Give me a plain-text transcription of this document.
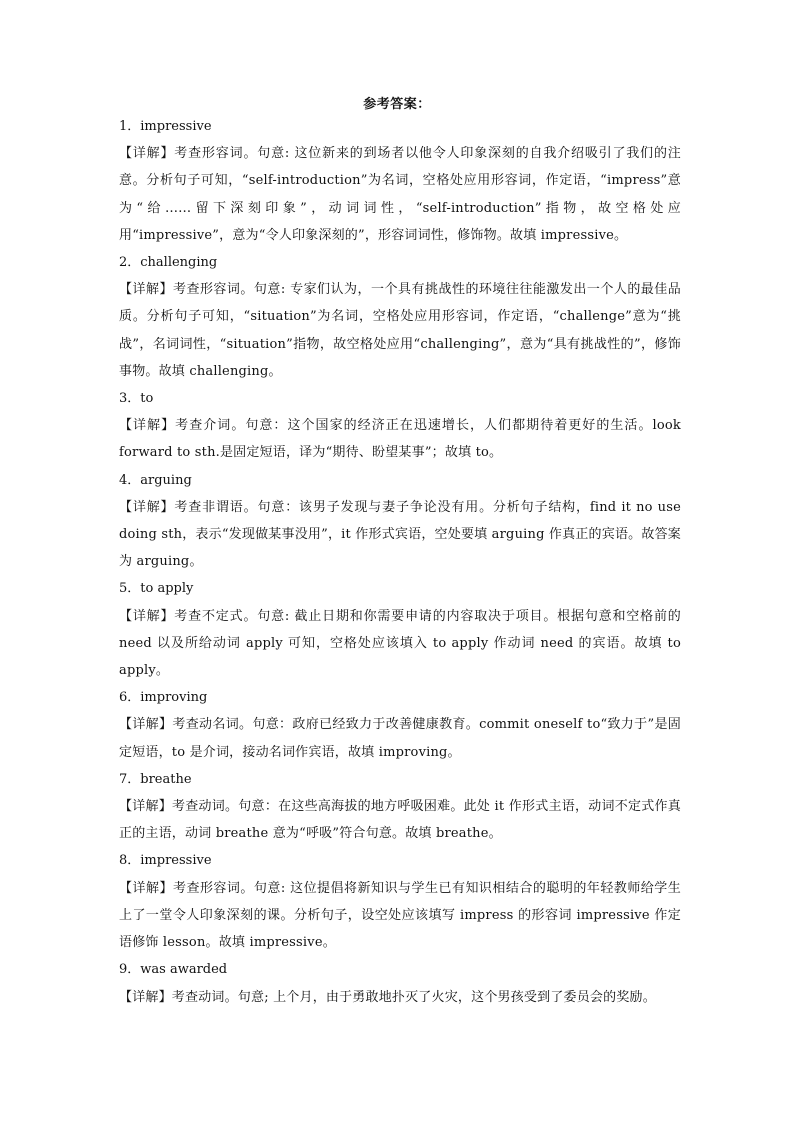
参考答案：
1．impressive
【详解】考查形容词。句意: 这位新来的到场者以他令人印象深刻的自我介绍吸引了我们的注意。分析句子可知，“self-introduction”为名词，空格处应用形容词，作定语，“impress”意为“给……留下深刻印象”，动词词性，“self-introduction”指物，故空格处应用“impressive”，意为“令人印象深刻的”，形容词词性，修饰物。故填 impressive。
2．challenging
【详解】考查形容词。句意: 专家们认为，一个具有挑战性的环境往往能激发出一个人的最佳品质。分析句子可知，“situation”为名词，空格处应用形容词，作定语，“challenge”意为“挑战”，名词词性，“situation”指物，故空格处应用“challenging”，意为“具有挑战性的”，修饰事物。故填 challenging。
3．to
【详解】考查介词。句意：这个国家的经济正在迅速增长，人们都期待着更好的生活。look forward to sth.是固定短语，译为“期待、盼望某事”；故填 to。
4．arguing
【详解】考查非谓语。句意：该男子发现与妻子争论没有用。分析句子结构，find it no use doing sth，表示“发现做某事没用”，it 作形式宾语，空处要填 arguing 作真正的宾语。故答案为 arguing。
5．to apply
【详解】考查不定式。句意: 截止日期和你需要申请的内容取决于项目。根据句意和空格前的 need 以及所给动词 apply 可知，空格处应该填入 to apply 作动词 need 的宾语。故填 to apply。
6．improving
【详解】考查动名词。句意：政府已经致力于改善健康教育。commit oneself to“致力于”是固定短语，to 是介词，接动名词作宾语，故填 improving。
7．breathe
【详解】考查动词。句意：在这些高海拔的地方呼吸困难。此处 it 作形式主语，动词不定式作真正的主语，动词 breathe 意为“呼吸”符合句意。故填 breathe。
8．impressive
【详解】考查形容词。句意: 这位提倡将新知识与学生已有知识相结合的聪明的年轻教师给学生上了一堂令人印象深刻的课。分析句子，设空处应该填写 impress 的形容词 impressive 作定语修饰 lesson。故填 impressive。
9．was awarded
【详解】考查动词。句意; 上个月，由于勇敢地扑灭了火灾，这个男孩受到了委员会的奖励。
